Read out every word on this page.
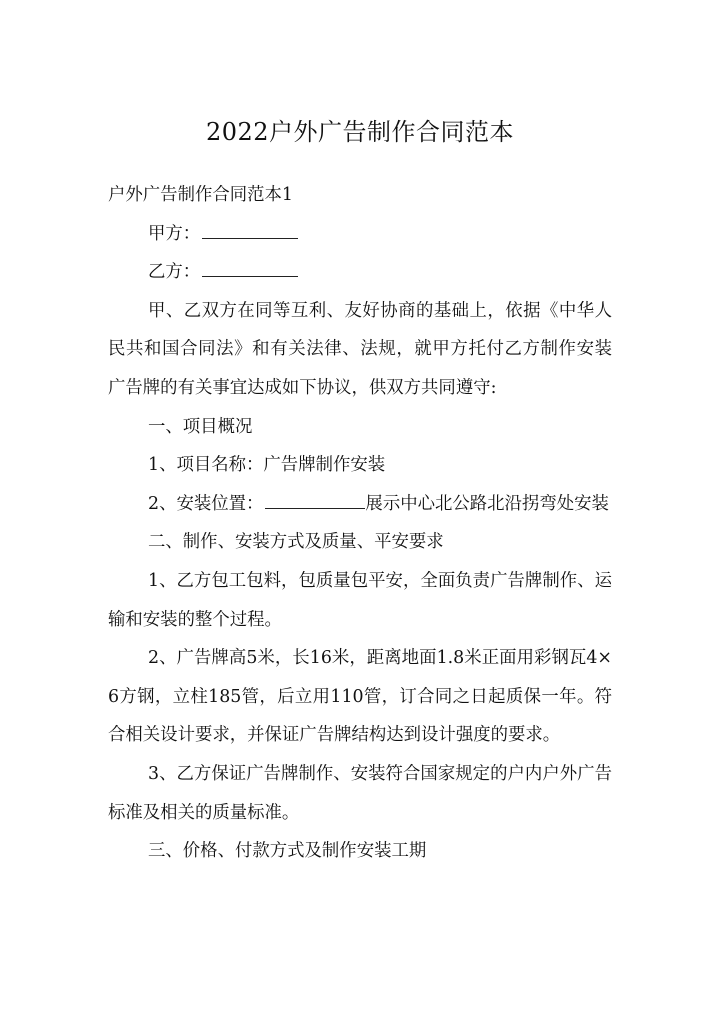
2022户外广告制作合同范本

户外广告制作合同范本1

甲方：

乙方：

甲、乙双方在同等互利、友好协商的基础上，依据《中华人民共和国合同法》和有关法律、法规，就甲方托付乙方制作安装广告牌的有关事宜达成如下协议，供双方共同遵守:

一、项目概况

1、项目名称：广告牌制作安装

2、安装位置：	展示中心北公路北沿拐弯处安装

二、制作、安装方式及质量、平安要求

1、乙方包工包料，包质量包平安，全面负责广告牌制作、运输和安装的整个过程。

2、广告牌高5米，长16米，距离地面1.8米正面用彩钢瓦4×6方钢，立柱185管，后立用110管，订合同之日起质保一年。符合相关设计要求，并保证广告牌结构达到设计强度的要求。

3、乙方保证广告牌制作、安装符合国家规定的户内户外广告标准及相关的质量标准。

三、价格、付款方式及制作安装工期
